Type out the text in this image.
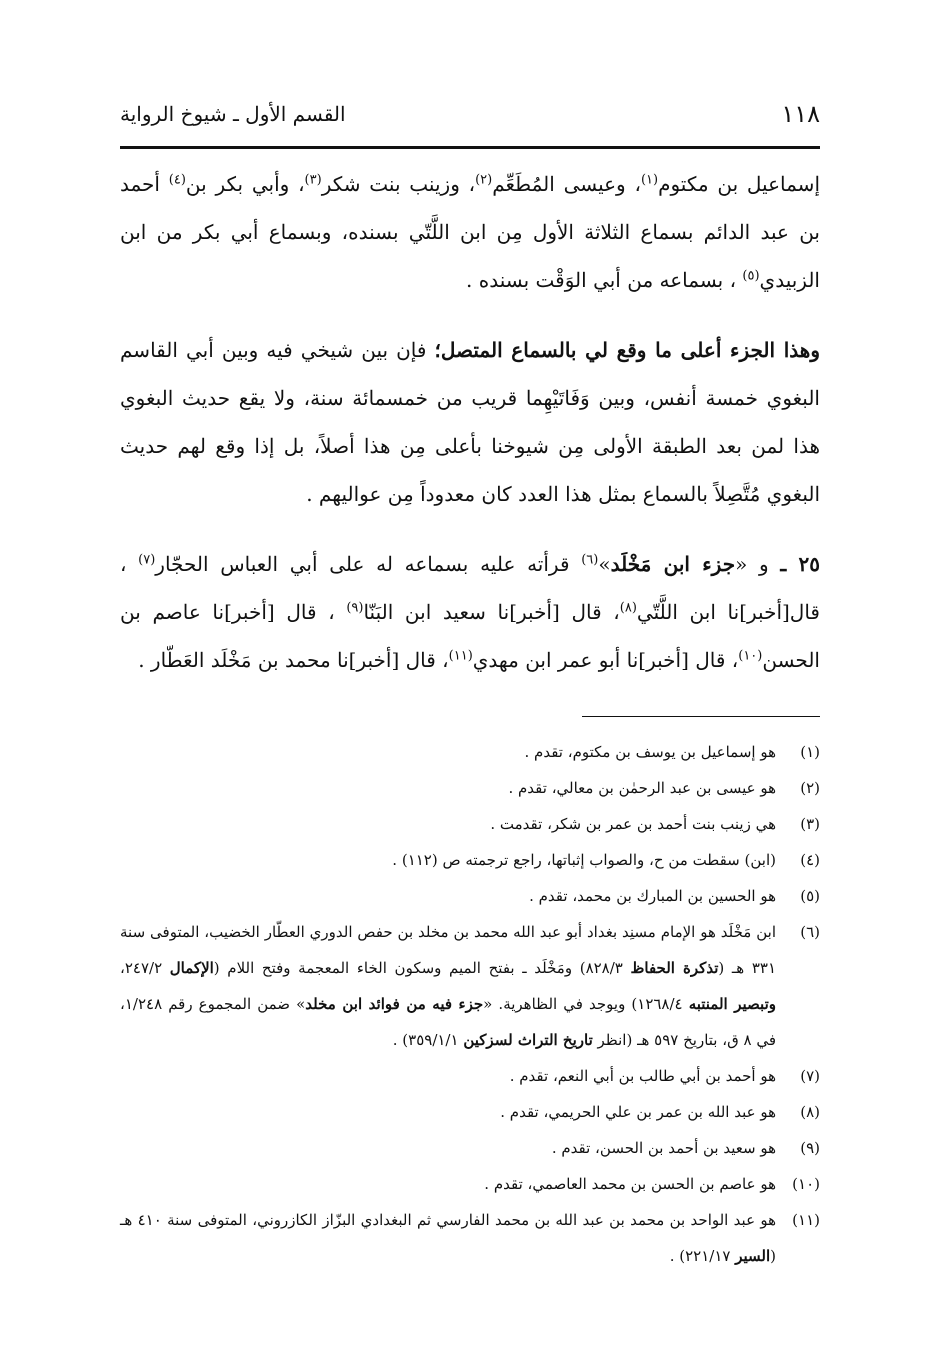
١١٨
القسم الأول ـ شيوخ الرواية

إسماعيل بن مكتوم$^{(١)}$، وعيسى المُطَعِّم$^{(٢)}$، وزينب بنت شكر$^{(٣)}$، وأبي بكر بن$^{(٤)}$ أحمد بن عبد الدائم بسماع الثلاثة الأول مِن ابن اللَّتّي بسنده، وبسماع أبي بكر من ابن الزبيدي$^{(٥)}$ ، بسماعه من أبي الوَقْت بسنده .

وهذا الجزء أعلى ما وقع لي بالسماع المتصل؛ فإن بين شيخي فيه وبين أبي القاسم البغوي خمسة أنفس، وبين وَفَاتَيْهِما قريب من خمسمائة سنة، ولا يقع حديث البغوي هذا لمن بعد الطبقة الأولى مِن شيوخنا بأعلى مِن هذا أصلاً، بل إذا وقع لهم حديث البغوي مُتَّصِلاً بالسماع بمثل هذا العدد كان معدوداً مِن عواليهم .

٢٥ ـ و «جزء ابن مَخْلَد»$^{(٦)}$ قرأته عليه بسماعه له على أبي العباس الحجّار$^{(٧)}$ ، قال[أخبر]نا ابن اللَّتّي$^{(٨)}$، قال [أخبر]نا سعيد ابن البَنّا$^{(٩)}$ ، قال [أخبر]نا عاصم بن الحسن$^{(١٠)}$، قال [أخبر]نا أبو عمر ابن مهدي$^{(١١)}$، قال [أخبر]نا محمد بن مَخْلَد العَطّار .

(١)
هو إسماعيل بن يوسف بن مكتوم، تقدم .
(٢)
هو عيسى بن عبد الرحمٰن بن معالي، تقدم .
(٣)
هي زينب بنت أحمد بن عمر بن شكر، تقدمت .
(٤)
(ابن) سقطت من ح، والصواب إثباتها، راجع ترجمته ص (١١٢) .
(٥)
هو الحسين بن المبارك بن محمد، تقدم .
(٦)
ابن مَخْلَد هو الإمام مسنِد بغداد أبو عبد الله محمد بن مخلد بن حفص الدوري العطّار الخضيب، المتوفى سنة ٣٣١ هـ (تذكرة الحفاظ ٨٢٨/٣) ومَخْلَد ـ بفتح الميم وسكون الخاء المعجمة وفتح اللام (الإكمال ٢٤٧/٢، وتبصير المنتبه ١٢٦٨/٤) ويوجد في الظاهرية. «جزء فيه من فوائد ابن مخلد» ضمن المجموع رقم ١/٢٤٨، في ٨ ق، بتاريخ ٥٩٧ هـ (انظر تاريخ التراث لسزكين ٣٥٩/١/١) .
(٧)
هو أحمد بن أبي طالب بن أبي النعم، تقدم .
(٨)
هو عبد الله بن عمر بن علي الحريمي، تقدم .
(٩)
هو سعيد بن أحمد بن الحسن، تقدم .
(١٠)
هو عاصم بن الحسن بن محمد العاصمي، تقدم .
(١١)
هو عبد الواحد بن محمد بن عبد الله بن محمد الفارسي ثم البغدادي البزّاز الكازروني، المتوفى سنة ٤١٠ هـ (السير ٢٢١/١٧) .
